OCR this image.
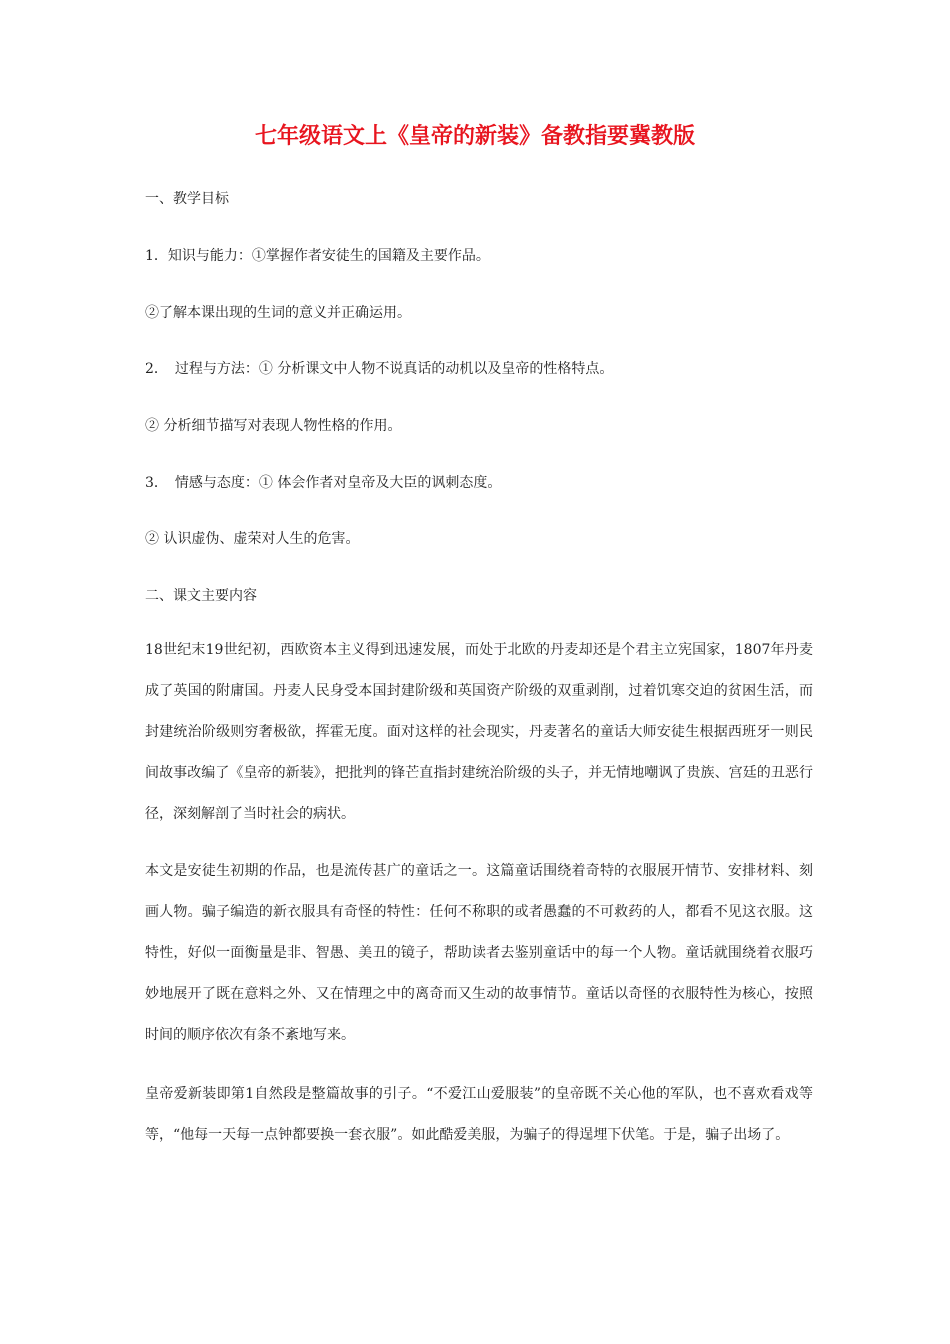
七年级语文上《皇帝的新装》备教指要冀教版
一、教学目标
1．知识与能力：①掌握作者安徒生的国籍及主要作品。
②了解本课出现的生词的意义并正确运用。
2．　过程与方法：① 分析课文中人物不说真话的动机以及皇帝的性格特点。
② 分析细节描写对表现人物性格的作用。
3．　情感与态度：① 体会作者对皇帝及大臣的讽刺态度。
② 认识虚伪、虚荣对人生的危害。
二、课文主要内容
18世纪末19世纪初，西欧资本主义得到迅速发展，而处于北欧的丹麦却还是个君主立宪国家，1807年丹麦成了英国的附庸国。丹麦人民身受本国封建阶级和英国资产阶级的双重剥削，过着饥寒交迫的贫困生活，而封建统治阶级则穷奢极欲，挥霍无度。面对这样的社会现实，丹麦著名的童话大师安徒生根据西班牙一则民间故事改编了《皇帝的新装》，把批判的锋芒直指封建统治阶级的头子，并无情地嘲讽了贵族、宫廷的丑恶行径，深刻解剖了当时社会的病状。
本文是安徒生初期的作品，也是流传甚广的童话之一。这篇童话围绕着奇特的衣服展开情节、安排材料、刻画人物。骗子编造的新衣服具有奇怪的特性：任何不称职的或者愚蠢的不可救药的人，都看不见这衣服。这特性，好似一面衡量是非、智愚、美丑的镜子，帮助读者去鉴别童话中的每一个人物。童话就围绕着衣服巧妙地展开了既在意料之外、又在情理之中的离奇而又生动的故事情节。童话以奇怪的衣服特性为核心，按照时间的顺序依次有条不紊地写来。
皇帝爱新装即第1自然段是整篇故事的引子。“不爱江山爱服装”的皇帝既不关心他的军队，也不喜欢看戏等等，“他每一天每一点钟都要换一套衣服”。如此酷爱美服，为骗子的得逞埋下伏笔。于是，骗子出场了。
